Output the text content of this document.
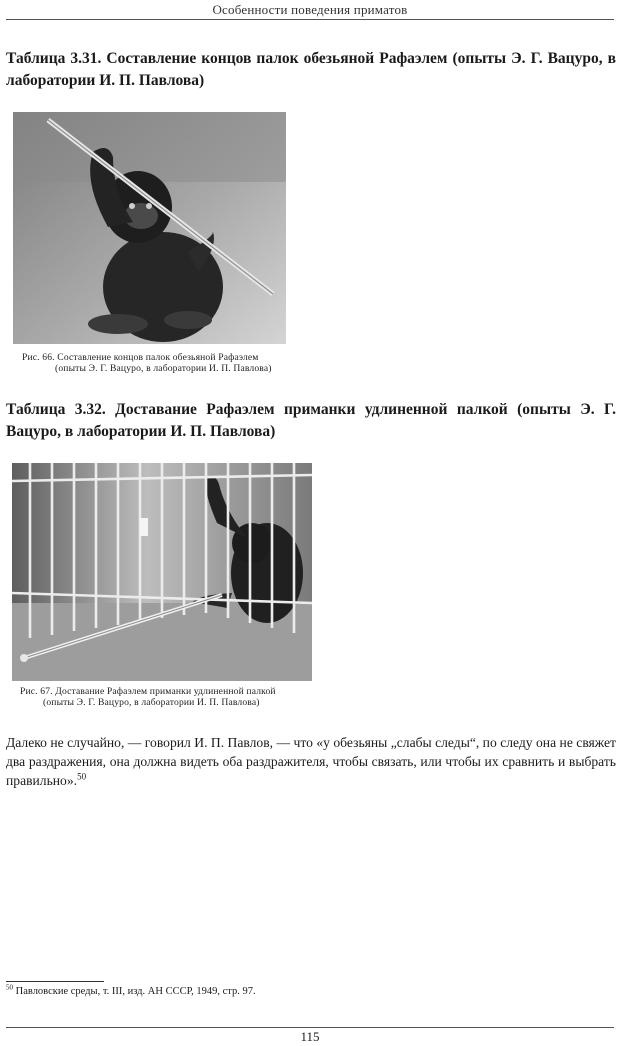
Особенности поведения приматов
Таблица 3.31. Составление концов палок обезьяной Рафаэлем (опыты Э. Г. Вацуро, в лаборатории И. П. Павлова)
Рис. 66. Составление концов палок обезьяной Рафаэлем
(опыты Э. Г. Вацуро, в лаборатории И. П. Павлова)
Таблица 3.32. Доставание Рафаэлем приманки удлиненной палкой (опыты Э. Г. Вацуро, в лаборатории И. П. Павлова)
Рис. 67. Доставание Рафаэлем приманки удлиненной палкой
(опыты Э. Г. Вацуро, в лаборатории И. П. Павлова)
Далеко не случайно, — говорил И. П. Павлов, — что «у обезьяны „слабы следы“, по следу она не свяжет два раздражения, она должна видеть оба раздражителя, чтобы связать, или чтобы их сравнить и выбрать правильно».$^{50}$
$^{50}$ Павловские среды, т. III, изд. АН СССР, 1949, стр. 97.
115
